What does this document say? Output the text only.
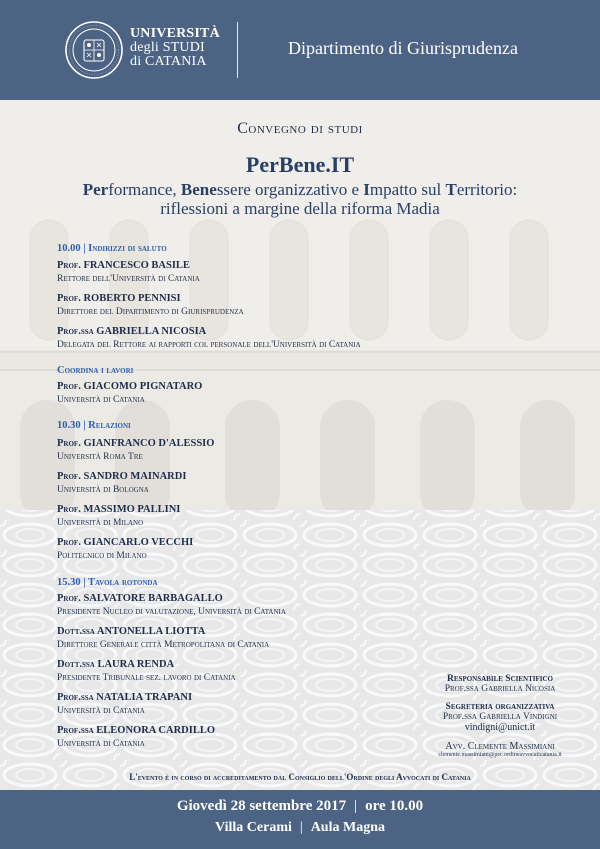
UNIVERSITÀ
degli STUDI
di CATANIA
Dipartimento di Giurisprudenza
Convegno di studi
PerBene.IT
Performance, Benessere organizzativo e Impatto sul Territorio:
riflessioni a margine della riforma Madia
10.00 | Indirizzi di saluto
Prof. FRANCESCO BASILE
Rettore dell'Università di Catania
Prof. ROBERTO PENNISI
Direttore del Dipartimento di Giurisprudenza
Prof.ssa GABRIELLA NICOSIA
Delegata del Rettore ai rapporti col personale dell'Università di Catania
Coordina i lavori
Prof. GIACOMO PIGNATARO
Università di Catania
10.30 | Relazioni
Prof. GIANFRANCO D'ALESSIO
Università Roma Tre
Prof. SANDRO MAINARDI
Università di Bologna
Prof. MASSIMO PALLINI
Università di Milano
Prof. GIANCARLO VECCHI
Politecnico di Milano
15.30 | Tavola rotonda
Prof. SALVATORE BARBAGALLO
Presidente Nucleo di valutazione, Università di Catania
Dott.ssa ANTONELLA LIOTTA
Direttore Generale città Metropolitana di Catania
Dott.ssa LAURA RENDA
Presidente Tribunale sez. lavoro di Catania
Prof.ssa NATALIA TRAPANI
Università di Catania
Prof.ssa ELEONORA CARDILLO
Università di Catania
Responsabile Scientifico
Prof.ssa Gabriella Nicosia
Segreteria organizzativa
Prof.ssa Gabriella Vindigni
vindigni@unict.it
Avv. Clemente Massimiani
clemente.massimiani@pec.ordineavvocaticatania.it
L'evento è in corso di accreditamento dal Consiglio dell'Ordine degli Avvocati di Catania
Giovedì 28 settembre 2017 | ore 10.00
Villa Cerami | Aula Magna
